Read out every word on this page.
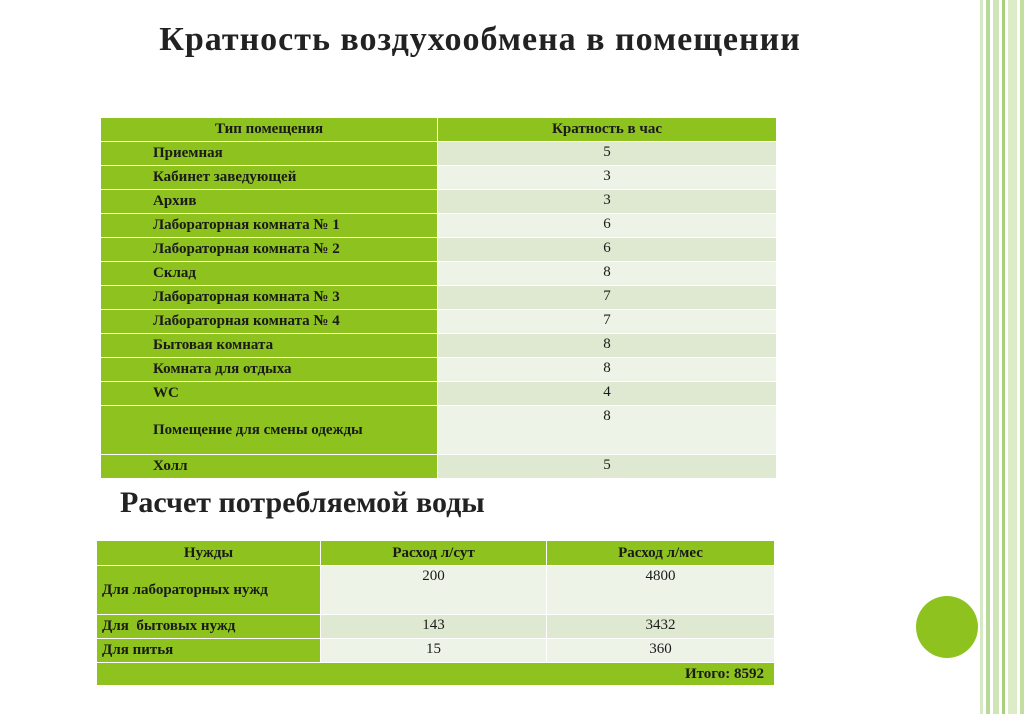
Кратность воздухообмена в помещении
Тип помещения	Кратность в час
Приемная	5
Кабинет заведующей	3
Архив	3
Лабораторная комната № 1	6
Лабораторная комната № 2	6
Склад	8
Лабораторная комната № 3	7
Лабораторная комната № 4	7
Бытовая комната	8
Комната для отдыха	8
WC	4
Помещение для смены одежды	8
Холл	5
Расчет потребляемой воды
Нужды	Расход л/сут	Расход л/мес
Для лабораторных нужд	200	4800
Для  бытовых нужд	143	3432
Для питья	15	360
Итого: 8592		
